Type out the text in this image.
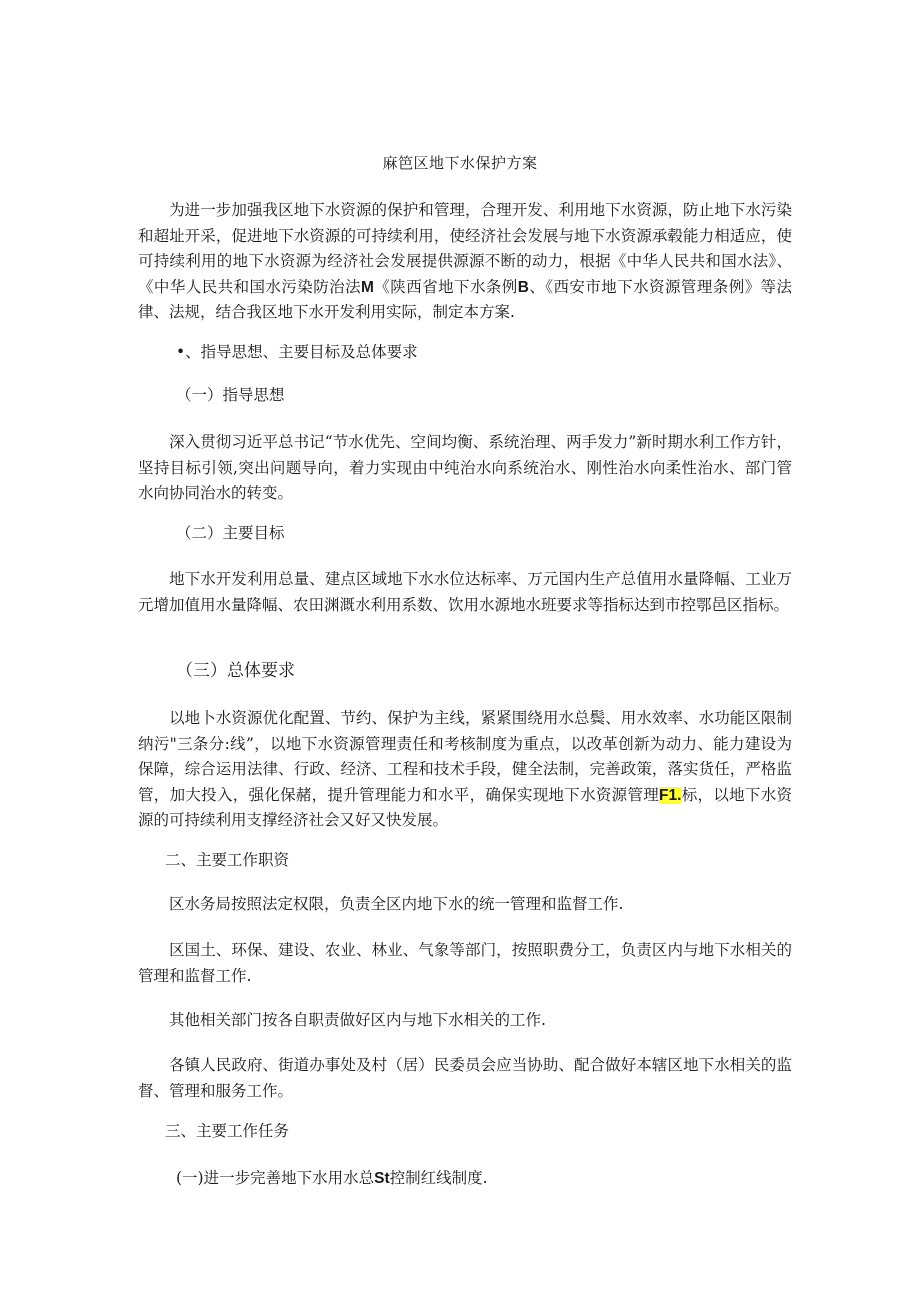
麻笆区地下水保护方案

为进一步加强我区地下水资源的保护和管理，合理开发、利用地下水资源，防止地下水污染和超址开采，促进地下水资源的可持续利用，使经济社会发展与地下水资源承毂能力相适应，使可持续利用的地下水资源为经济社会发展提供源源不断的动力，根据《中华人民共和国水法》、《中华人民共和国水污染防治法M《陕西省地下水条例B、《西安市地下水资源管理条例》等法律、法规，结合我区地下水开发利用实际，制定本方案.

•、指导思想、主要目标及总体要求

（一）指导思想

深入贯彻习近平总书记“节水优先、空间均衡、系统治理、两手发力”新时期水利工作方针，坚持目标引领,突出问题导向，着力实现由中纯治水向系统治水、刚性治水向柔性治水、部门管水向协同治水的转变。

（二）主要目标

地下水开发利用总量、建点区域地下水水位达标率、万元国内生产总值用水量降幅、工业万元增加值用水量降幅、农田渊溉水利用系数、饮用水源地水班要求等指标达到市控鄂邑区指标。

（三）总体要求

以地卜水资源优化配置、节约、保护为主线，紧紧围绕用水总鬓、用水效率、水功能区限制纳污"三条分:线”，以地下水资源管理责任和考核制度为重点，以改革创新为动力、能力建设为保障，综合运用法律、行政、经济、工程和技术手段，健全法制，完善政策，落实货任，严格监管，加大投入，强化保赭，提升管理能力和水平，确保实现地下水资源管理F1.标，以地下水资源的可持续利用支撑经济社会又好又快发展。

二、主要工作职资

区水务局按照法定权限，负责全区内地下水的统一管理和监督工作.

区国土、环保、建设、农业、林业、气象等部门，按照职费分工，负责区内与地下水相关的管理和监督工作.

其他相关部门按各自职责做好区内与地下水相关的工作.

各镇人民政府、街道办事处及村（居）民委员会应当协助、配合做好本辖区地下水相关的监督、管理和服务工作。

三、主要工作任务

(一)进一步完善地下水用水总St控制红线制度.
